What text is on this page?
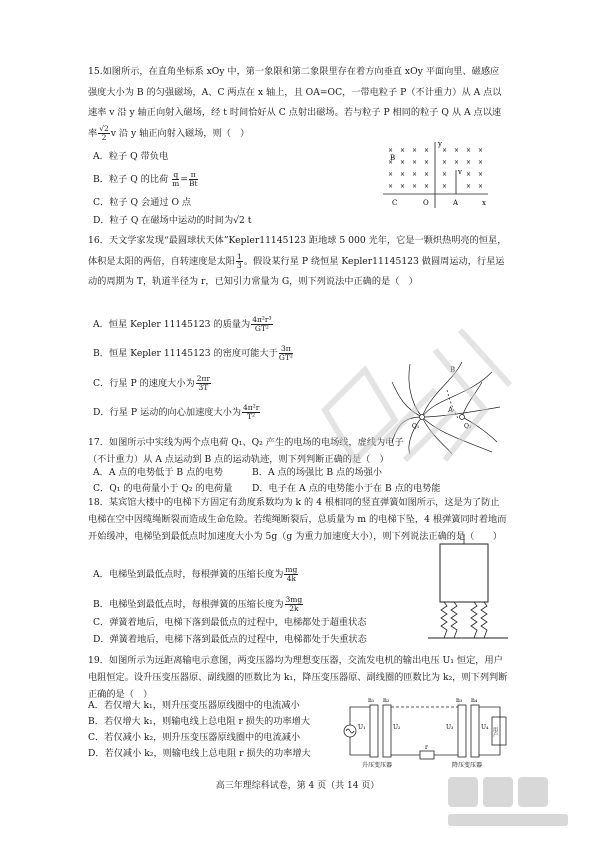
15.如图所示，在直角坐标系 xOy 中，第一象限和第二象限里存在着方向垂直 xOy 平面向里、磁感应强度大小为 B 的匀强磁场，A、C 两点在 x 轴上，且 OA=OC，一带电粒子 P（不计重力）从 A 点以速率 v 沿 y 轴正向射入磁场，经 t 时间恰好从 C 点射出磁场。若与粒子 P 相同的粒子 Q 从 A 点以速率 $\frac{√2}{2}$ v 沿 y 轴正向射入磁场，则（　）

A．粒子 Q 带负电
B．粒子 Q 的比荷 $\frac{q}{m} = \frac{\pi}{Bt}$
C．粒子 Q 会通过 O 点
D．粒子 Q 在磁场中运动的时间为√2 t
× × × × × × × ×
× × × × × × × ×
× × × × ×	× ×
× × × × ×	× ×
B
y
v
C	O	A	x

16．天文学家发现“最圆球状天体”Kepler11145123 距地球 5 000 光年，它是一颗炽热明亮的恒星，体积是太阳的两倍，自转速度是太阳 $\frac{1}{3}$ 。假设某行星 P 绕恒星 Kepler11145123 做圆周运动，行星运动的周期为 T，轨道半径为 r，已知引力常量为 G，则下列说法中正确的是（　）

A．恒星 Kepler 11145123 的质量为 $\frac{\text{4π²r³}}{\text{GT²}}$
B．恒星 Kepler 11145123 的密度可能大于 $\frac{3\pi}{\text{GT²}}$
C．行星 P 的速度大小为 $\frac{2\pi r}{3T}$
D．行星 P 运动的向心加速度大小为 $\frac{\text{4π²r}}{\text{T²}}$
B
A
Q₁	Q₂

17．如图所示中实线为两个点电荷 Q₁、Q₂ 产生的电场的电场线，虚线为电子（不计重力）从 A 点运动到 B 点的运动轨迹，则下列判断正确的是（　）

A．A 点的电势低于 B 点的电势	B．A 点的场强比 B 点的场强小
C．Q₁ 的电荷量小于 Q₂ 的电荷量 D．电子在 A 点的电势能小于在 B 点的电势能

18．某宾馆大楼中的电梯下方固定有劲度系数均为 k 的 4 根相同的竖直弹簧如图所示，这是为了防止电梯在空中因缆绳断裂而造成生命危险。若缆绳断裂后，总质量为 m 的电梯下坠，4 根弹簧同时着地而开始缓冲，电梯坠到最低点时加速度大小为 5g（g 为重力加速度大小），则下列说法正确的是（　　）

A．电梯坠到最低点时，每根弹簧的压缩长度为 $\frac{mg}{4k}$
B．电梯坠到最低点时，每根弹簧的压缩长度为 $\frac{3mg}{2k}$
C．弹簧着地后，电梯下落到最低点的过程中，电梯都处于超重状态
D．弹簧着地后，电梯下落到最低点的过程中，电梯都处于失重状态

19．如图所示为远距离输电示意图，两变压器均为理想变压器，交流发电机的输出电压 U₁ 恒定，用户电阻恒定。设升压变压器原、副线圈的匝数比为 k₁，降压变压器原、副线圈的匝数比为 k₂，则下列判断正确的是（　）

A．若仅增大 k₁，则升压变压器原线圈中的电流减小
B．若仅增大 k₁，则输电线上总电阻 r 损失的功率增大
C．若仅减小 k₂，则升压变压器原线圈中的电流减小
D．若仅减小 k₂，则输电线上总电阻 r 损失的功率增大
n₁ n₂	n₃ n₄
U₁	U₂	U₃	U₄
r
用户
升压变压器	降压变压器
高三年理综科试卷，第 4 页（共 14 页）
